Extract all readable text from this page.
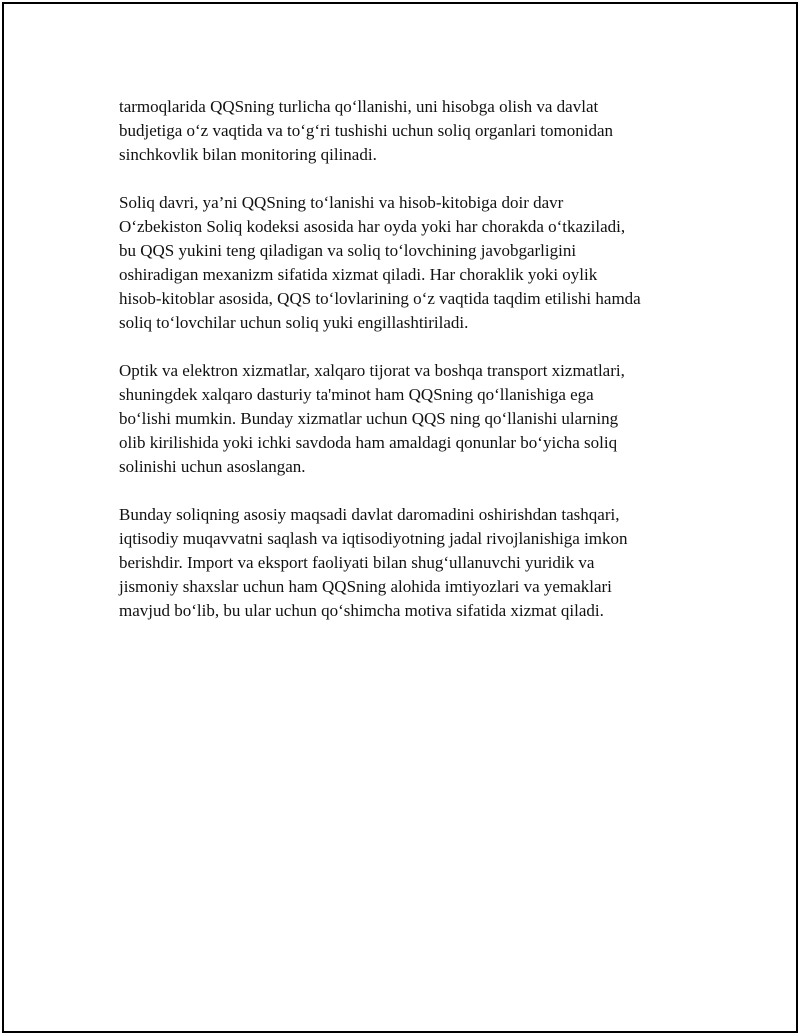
tarmoqlarida QQSning turlicha qo‘llanishi, uni hisobga olish va davlat
budjetiga o‘z vaqtida va to‘g‘ri tushishi uchun soliq organlari tomonidan
sinchkovlik bilan monitoring qilinadi.

Soliq davri, ya’ni QQSning to‘lanishi va hisob-kitobiga doir davr
O‘zbekiston Soliq kodeksi asosida har oyda yoki har chorakda o‘tkaziladi,
bu QQS yukini teng qiladigan va soliq to‘lovchining javobgarligini
oshiradigan mexanizm sifatida xizmat qiladi. Har choraklik yoki oylik
hisob-kitoblar asosida, QQS to‘lovlarining o‘z vaqtida taqdim etilishi hamda
soliq to‘lovchilar uchun soliq yuki engillashtiriladi.

Optik va elektron xizmatlar, xalqaro tijorat va boshqa transport xizmatlari,
shuningdek xalqaro dasturiy ta'minot ham QQSning qo‘llanishiga ega
bo‘lishi mumkin. Bunday xizmatlar uchun QQS ning qo‘llanishi ularning
olib kirilishida yoki ichki savdoda ham amaldagi qonunlar bo‘yicha soliq
solinishi uchun asoslangan.

Bunday soliqning asosiy maqsadi davlat daromadini oshirishdan tashqari,
iqtisodiy muqavvatni saqlash va iqtisodiyotning jadal rivojlanishiga imkon
berishdir. Import va eksport faoliyati bilan shug‘ullanuvchi yuridik va
jismoniy shaxslar uchun ham QQSning alohida imtiyozlari va yemaklari
mavjud bo‘lib, bu ular uchun qo‘shimcha motiva sifatida xizmat qiladi.
